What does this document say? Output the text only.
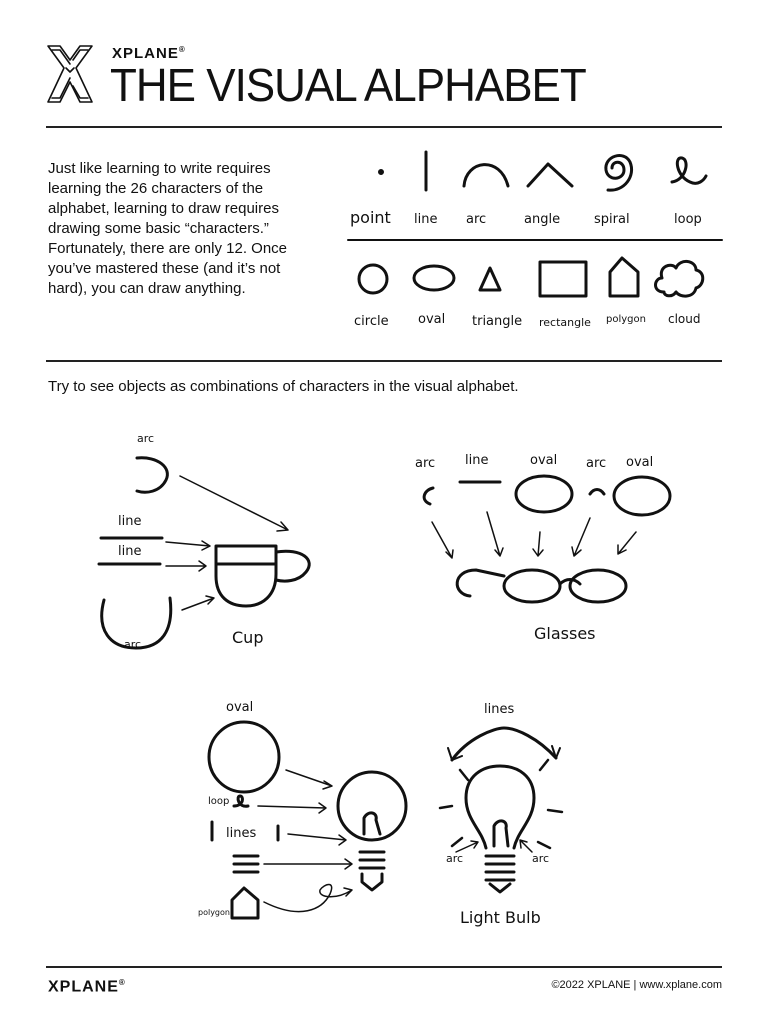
XPLANE®
THE VISUAL ALPHABET
Just like learning to write requires learning the 26 characters of the alphabet, learning to draw requires drawing some basic “characters.” Fortunately, there are only 12. Once you’ve mastered these (and it’s not hard), you can draw anything.
point line arc	angle	spiral	loop
circle oval triangle rectangle polygon cloud
Try to see objects as combinations of characters in the visual alphabet.
arc
line
line
arc	Cup
arc line	oval arc oval
Glasses
oval
loop
lines
polygon
lines
arc	arc
Light Bulb
XPLANE®	©2022 XPLANE | www.xplane.com
